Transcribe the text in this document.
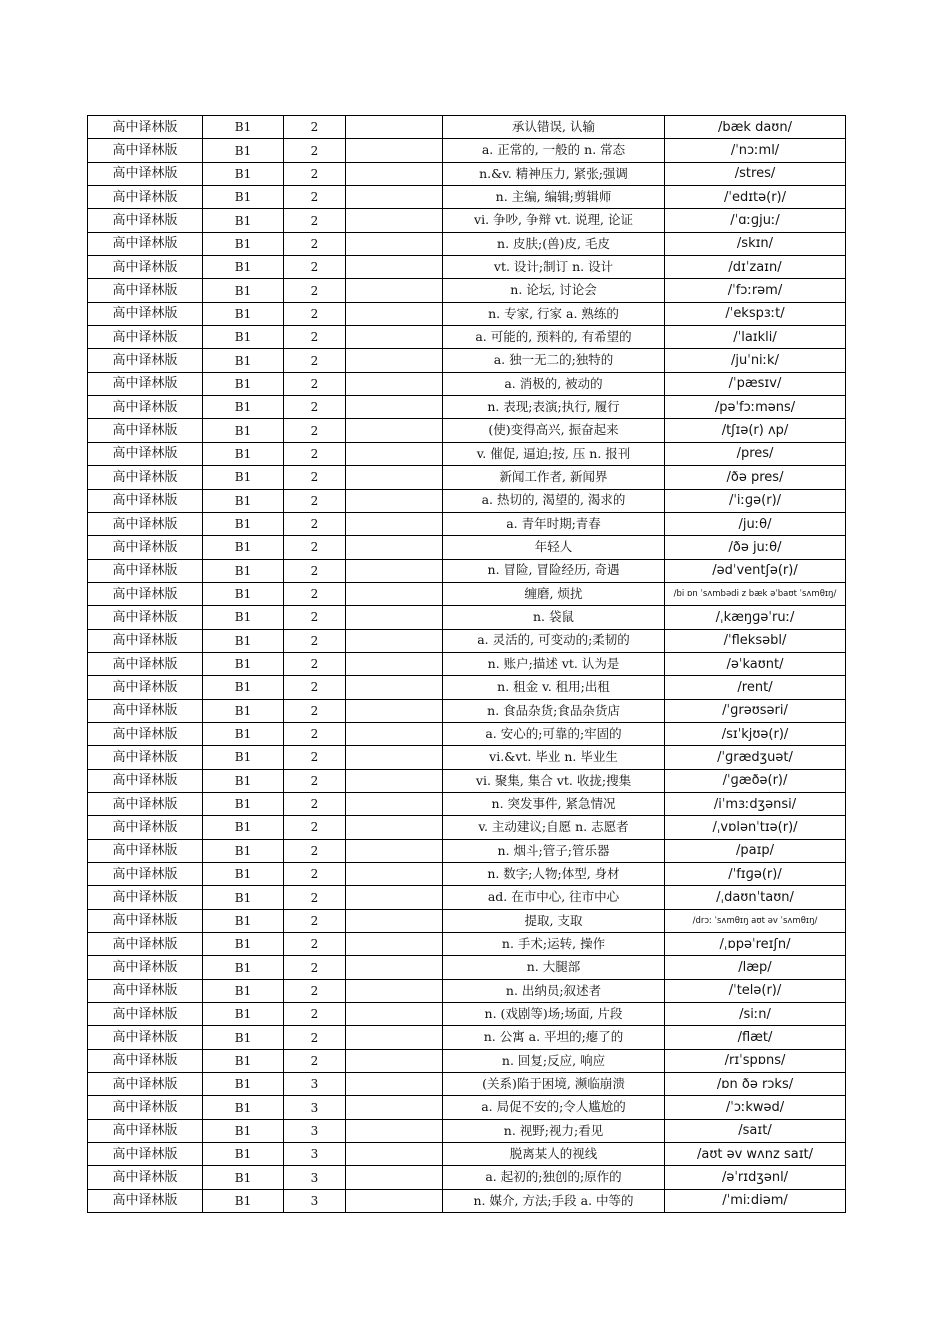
高中译林版	B1	2		承认错误, 认输	/bæk daʊn/
高中译林版	B1	2		a. 正常的, 一般的 n. 常态	/ˈnɔːml/
高中译林版	B1	2		n.&v. 精神压力, 紧张;强调	/stres/
高中译林版	B1	2		n. 主编, 编辑;剪辑师	/ˈedɪtə(r)/
高中译林版	B1	2		vi. 争吵, 争辩 vt. 说理, 论证	/ˈɑːɡjuː/
高中译林版	B1	2		n. 皮肤;(兽)皮, 毛皮	/skɪn/
高中译林版	B1	2		vt. 设计;制订 n. 设计	/dɪˈzaɪn/
高中译林版	B1	2		n. 论坛, 讨论会	/ˈfɔːrəm/
高中译林版	B1	2		n. 专家, 行家 a. 熟练的	/ˈekspɜːt/
高中译林版	B1	2		a. 可能的, 预料的, 有希望的	/ˈlaɪkli/
高中译林版	B1	2		a. 独一无二的;独特的	/juˈniːk/
高中译林版	B1	2		a. 消极的, 被动的	/ˈpæsɪv/
高中译林版	B1	2		n. 表现;表演;执行, 履行	/pəˈfɔːməns/
高中译林版	B1	2		(使)变得高兴, 振奋起来	/tʃɪə(r) ʌp/
高中译林版	B1	2		v. 催促, 逼迫;按, 压 n. 报刊	/pres/
高中译林版	B1	2		新闻工作者, 新闻界	/ðə pres/
高中译林版	B1	2		a. 热切的, 渴望的, 渴求的	/ˈiːɡə(r)/
高中译林版	B1	2		a. 青年时期;青春	/juːθ/
高中译林版	B1	2		年轻人	/ðə juːθ/
高中译林版	B1	2		n. 冒险, 冒险经历, 奇遇	/ədˈventʃə(r)/
高中译林版	B1	2		缠磨, 烦扰	/bi ɒn ˈsʌmbədi z bæk əˈbaʊt ˈsʌmθɪŋ/
高中译林版	B1	2		n. 袋鼠	/ˌkæŋɡəˈruː/
高中译林版	B1	2		a. 灵活的, 可变动的;柔韧的	/ˈfleksəbl/
高中译林版	B1	2		n. 账户;描述 vt. 认为是	/əˈkaʊnt/
高中译林版	B1	2		n. 租金 v. 租用;出租	/rent/
高中译林版	B1	2		n. 食品杂货;食品杂货店	/ˈɡrəʊsəri/
高中译林版	B1	2		a. 安心的;可靠的;牢固的	/sɪˈkjʊə(r)/
高中译林版	B1	2		vi.&vt. 毕业 n. 毕业生	/ˈɡrædʒuət/
高中译林版	B1	2		vi. 聚集, 集合 vt. 收拢;搜集	/ˈɡæðə(r)/
高中译林版	B1	2		n. 突发事件, 紧急情况	/iˈmɜːdʒənsi/
高中译林版	B1	2		v. 主动建议;自愿 n. 志愿者	/ˌvɒlənˈtɪə(r)/
高中译林版	B1	2		n. 烟斗;管子;管乐器	/paɪp/
高中译林版	B1	2		n. 数字;人物;体型, 身材	/ˈfɪɡə(r)/
高中译林版	B1	2		ad. 在市中心, 往市中心	/ˌdaʊnˈtaʊn/
高中译林版	B1	2		提取, 支取	/drɔː ˈsʌmθɪŋ aʊt əv ˈsʌmθɪŋ/
高中译林版	B1	2		n. 手术;运转, 操作	/ˌɒpəˈreɪʃn/
高中译林版	B1	2		n. 大腿部	/læp/
高中译林版	B1	2		n. 出纳员;叙述者	/ˈtelə(r)/
高中译林版	B1	2		n. (戏剧等)场;场面, 片段	/siːn/
高中译林版	B1	2		n. 公寓 a. 平坦的;瘪了的	/flæt/
高中译林版	B1	2		n. 回复;反应, 响应	/rɪˈspɒns/
高中译林版	B1	3		(关系)陷于困境, 濒临崩溃	/ɒn ðə rɔks/
高中译林版	B1	3		a. 局促不安的;令人尴尬的	/ˈɔːkwəd/
高中译林版	B1	3		n. 视野;视力;看见	/saɪt/
高中译林版	B1	3		脱离某人的视线	/aʊt əv wʌnz saɪt/
高中译林版	B1	3		a. 起初的;独创的;原作的	/əˈrɪdʒənl/
高中译林版	B1	3		n. 媒介, 方法;手段 a. 中等的	/ˈmiːdiəm/
